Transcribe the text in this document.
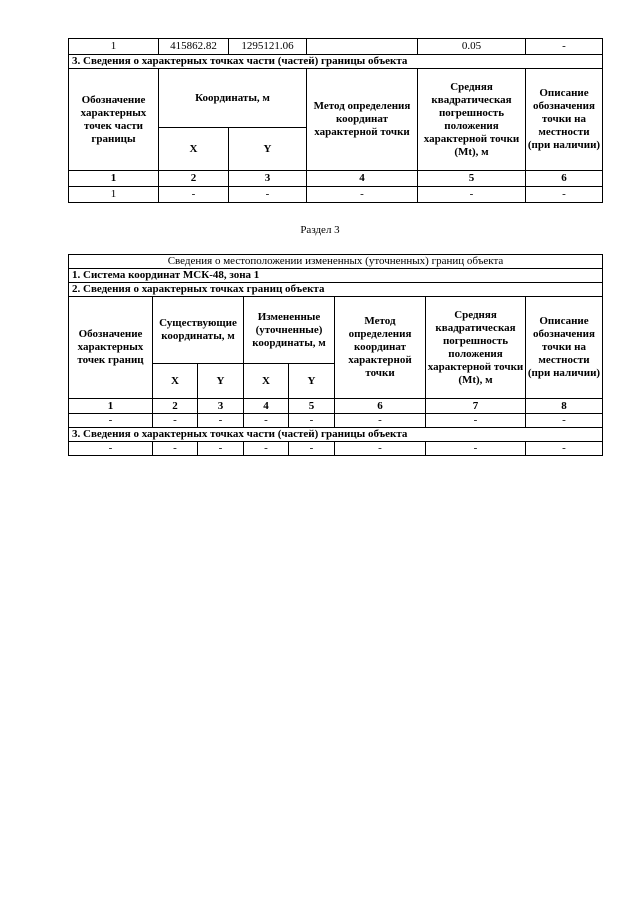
1	415862.82	1295121.06		0.05	-
3. Сведения о характерных точках части (частей) границы объекта					
Обозначение характерных точек части границы	Координаты, м		Метод определения координат характерной точки	Средняя квадратическая погрешность положения характерной точки (Mt), м	Описание обозначения точки на местности (при наличии)
	X	Y			
1	2	3	4	5	6
1	-	-	-	-	-
Раздел 3
Сведения о местоположении измененных (уточненных) границ объекта							
1. Система координат МСК-48, зона 1							
2. Сведения о характерных точках границ объекта							
Обозначение характерных точек границ	Существующие координаты, м		Измененные (уточненные) координаты, м		Метод определения координат характерной точки	Средняя квадратическая погрешность положения характерной точки (Mt), м	Описание обозначения точки на местности (при наличии)
	X	Y	X	Y			
1	2	3	4	5	6	7	8
-	-	-	-	-	-	-	-
3. Сведения о характерных точках части (частей) границы объекта							
-	-	-	-	-	-	-	-
